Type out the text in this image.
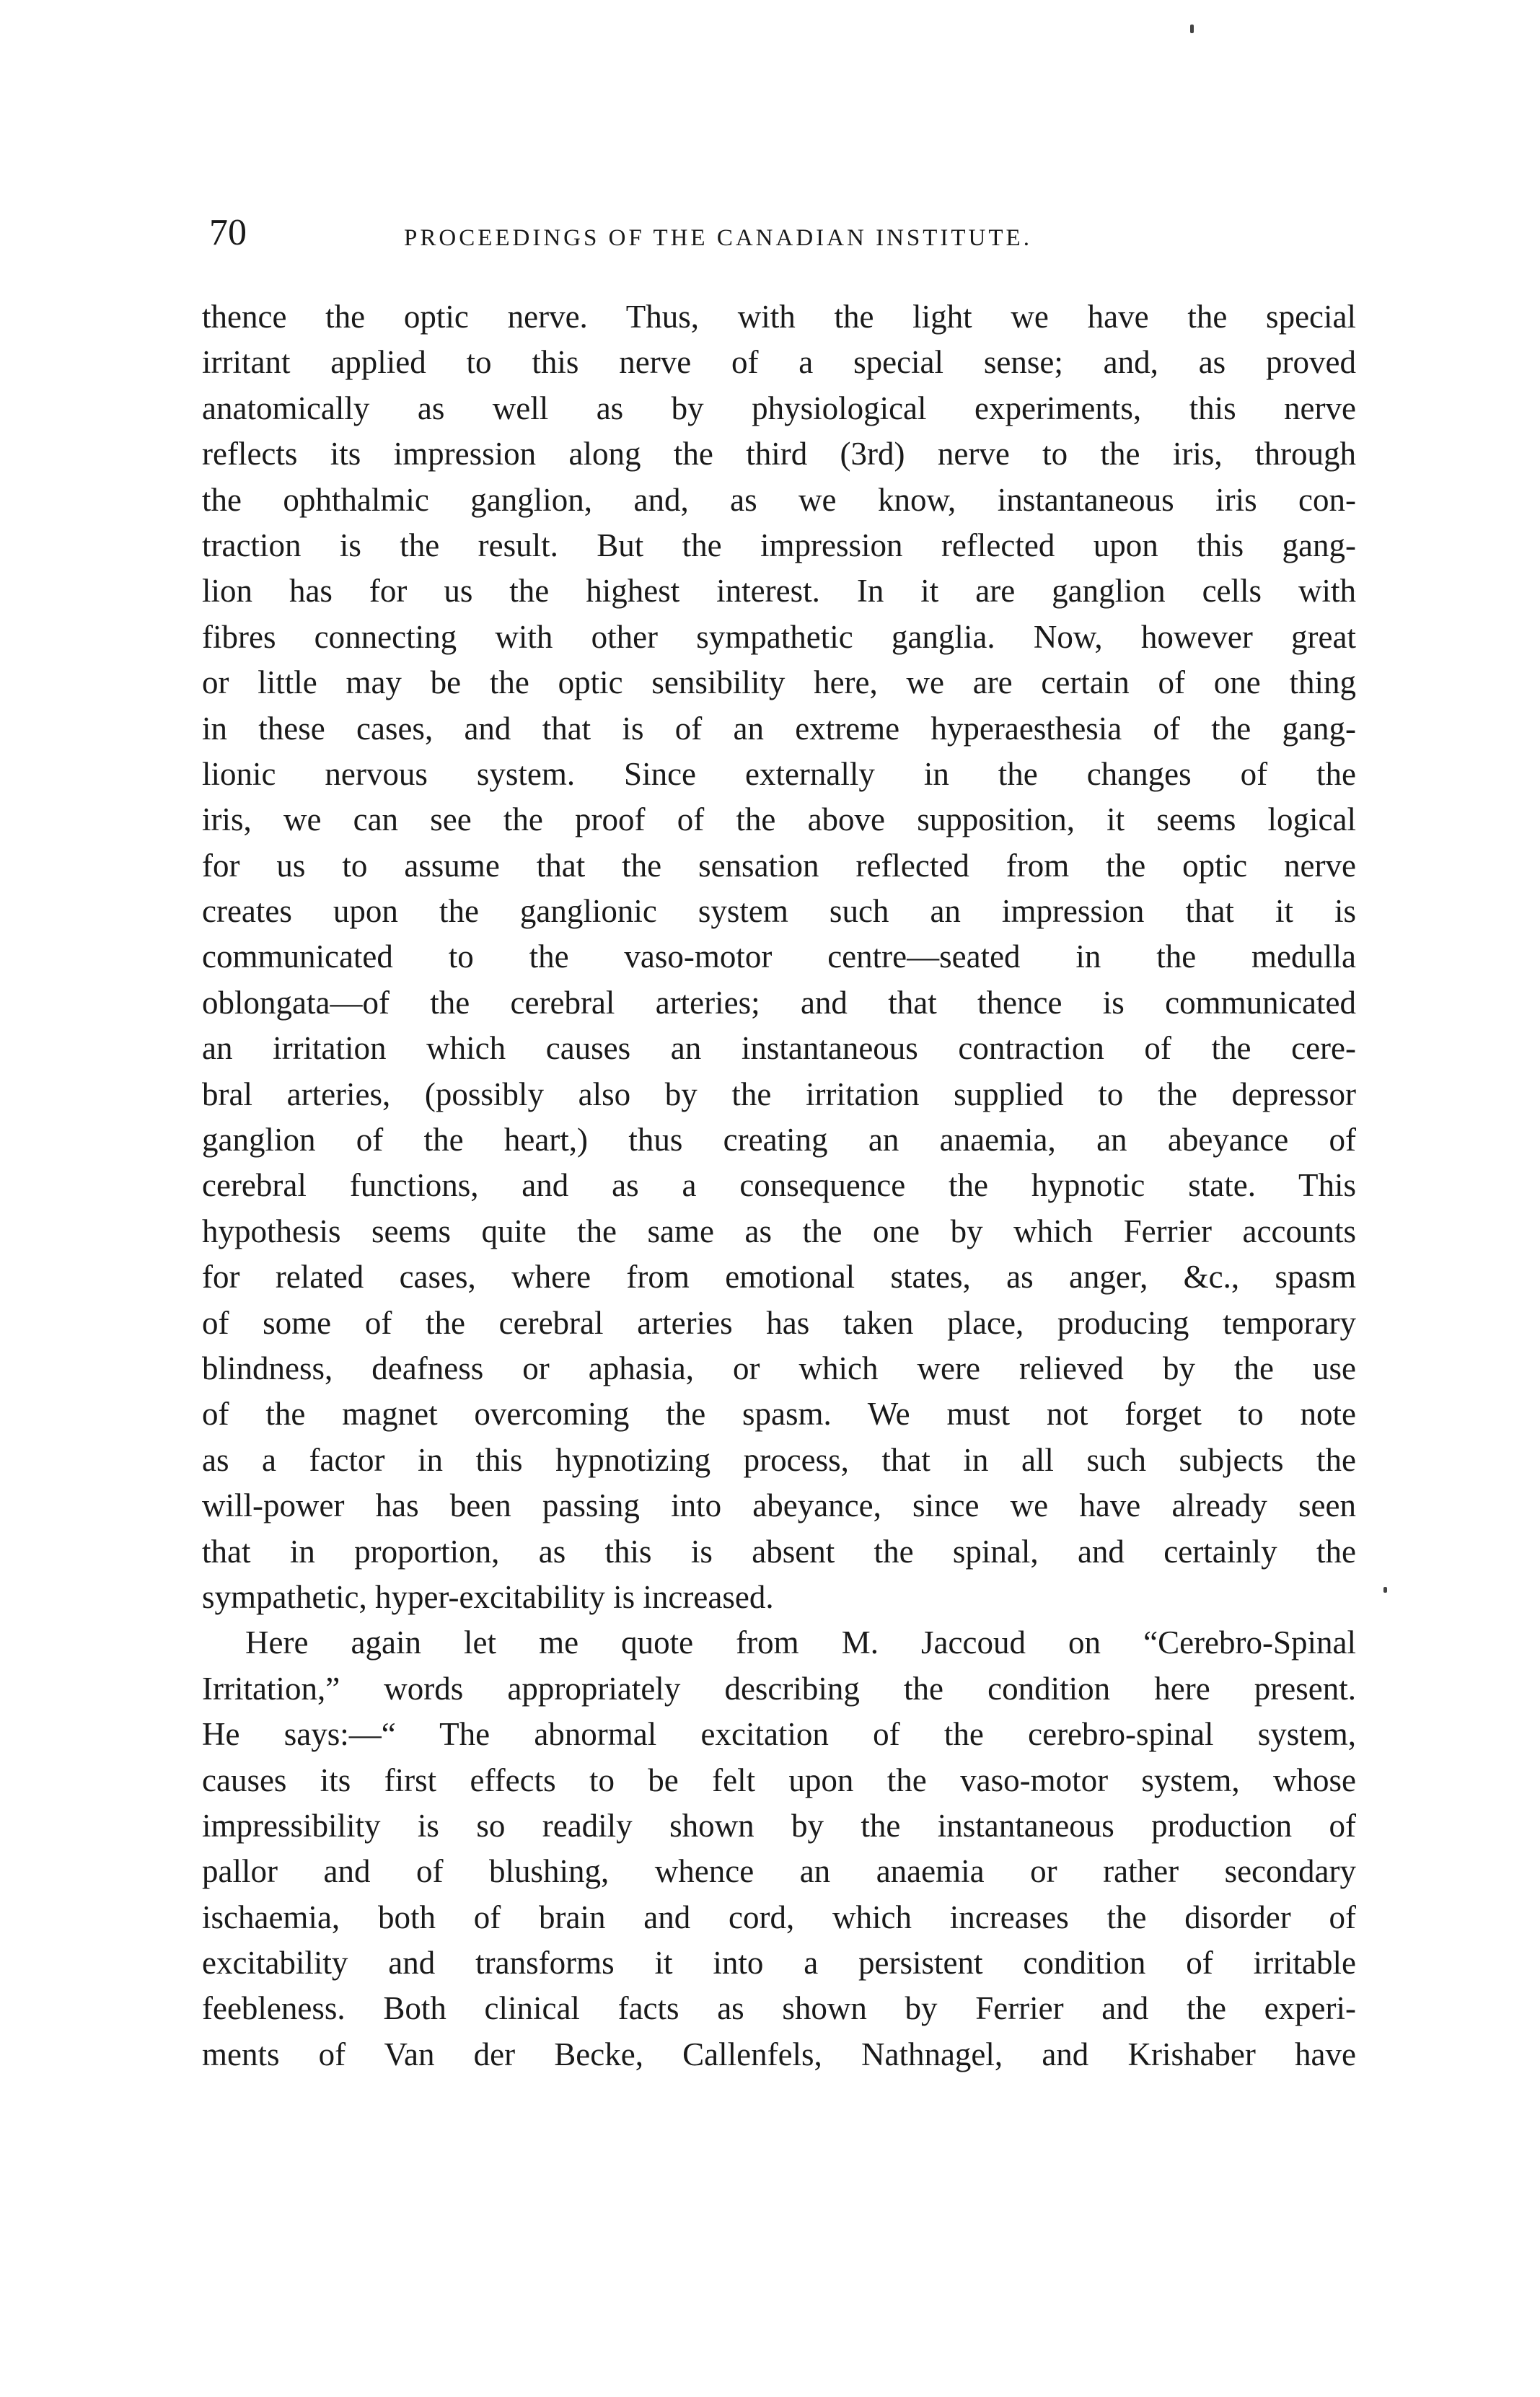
70	PROCEEDINGS OF THE CANADIAN INSTITUTE.
thence the optic nerve. Thus, with the light we have the special
irritant applied to this nerve of a special sense; and, as proved
anatomically as well as by physiological experiments, this nerve
reflects its impression along the third (3rd) nerve to the iris, through
the ophthalmic ganglion, and, as we know, instantaneous iris con-
traction is the result. But the impression reflected upon this gang-
lion has for us the highest interest. In it are ganglion cells with
fibres connecting with other sympathetic ganglia. Now, however great
or little may be the optic sensibility here, we are certain of one thing
in these cases, and that is of an extreme hyperaesthesia of the gang-
lionic nervous system. Since externally in the changes of the
iris, we can see the proof of the above supposition, it seems logical
for us to assume that the sensation reflected from the optic nerve
creates upon the ganglionic system such an impression that it is
communicated to the vaso-motor centre—seated in the medulla
oblongata—of the cerebral arteries; and that thence is communicated
an irritation which causes an instantaneous contraction of the cere-
bral arteries, (possibly also by the irritation supplied to the depressor
ganglion of the heart,) thus creating an anaemia, an abeyance of
cerebral functions, and as a consequence the hypnotic state. This
hypothesis seems quite the same as the one by which Ferrier accounts
for related cases, where from emotional states, as anger, &c., spasm
of some of the cerebral arteries has taken place, producing temporary
blindness, deafness or aphasia, or which were relieved by the use
of the magnet overcoming the spasm. We must not forget to note
as a factor in this hypnotizing process, that in all such subjects the
will-power has been passing into abeyance, since we have already seen
that in proportion, as this is absent the spinal, and certainly the
sympathetic, hyper-excitability is increased.
Here again let me quote from M. Jaccoud on “Cerebro-Spinal
Irritation,” words appropriately describing the condition here present.
He says:—“ The abnormal excitation of the cerebro-spinal system,
causes its first effects to be felt upon the vaso-motor system, whose
impressibility is so readily shown by the instantaneous production of
pallor and of blushing, whence an anaemia or rather secondary
ischaemia, both of brain and cord, which increases the disorder of
excitability and transforms it into a persistent condition of irritable
feebleness. Both clinical facts as shown by Ferrier and the experi-
ments of Van der Becke, Callenfels, Nathnagel, and Krishaber have
